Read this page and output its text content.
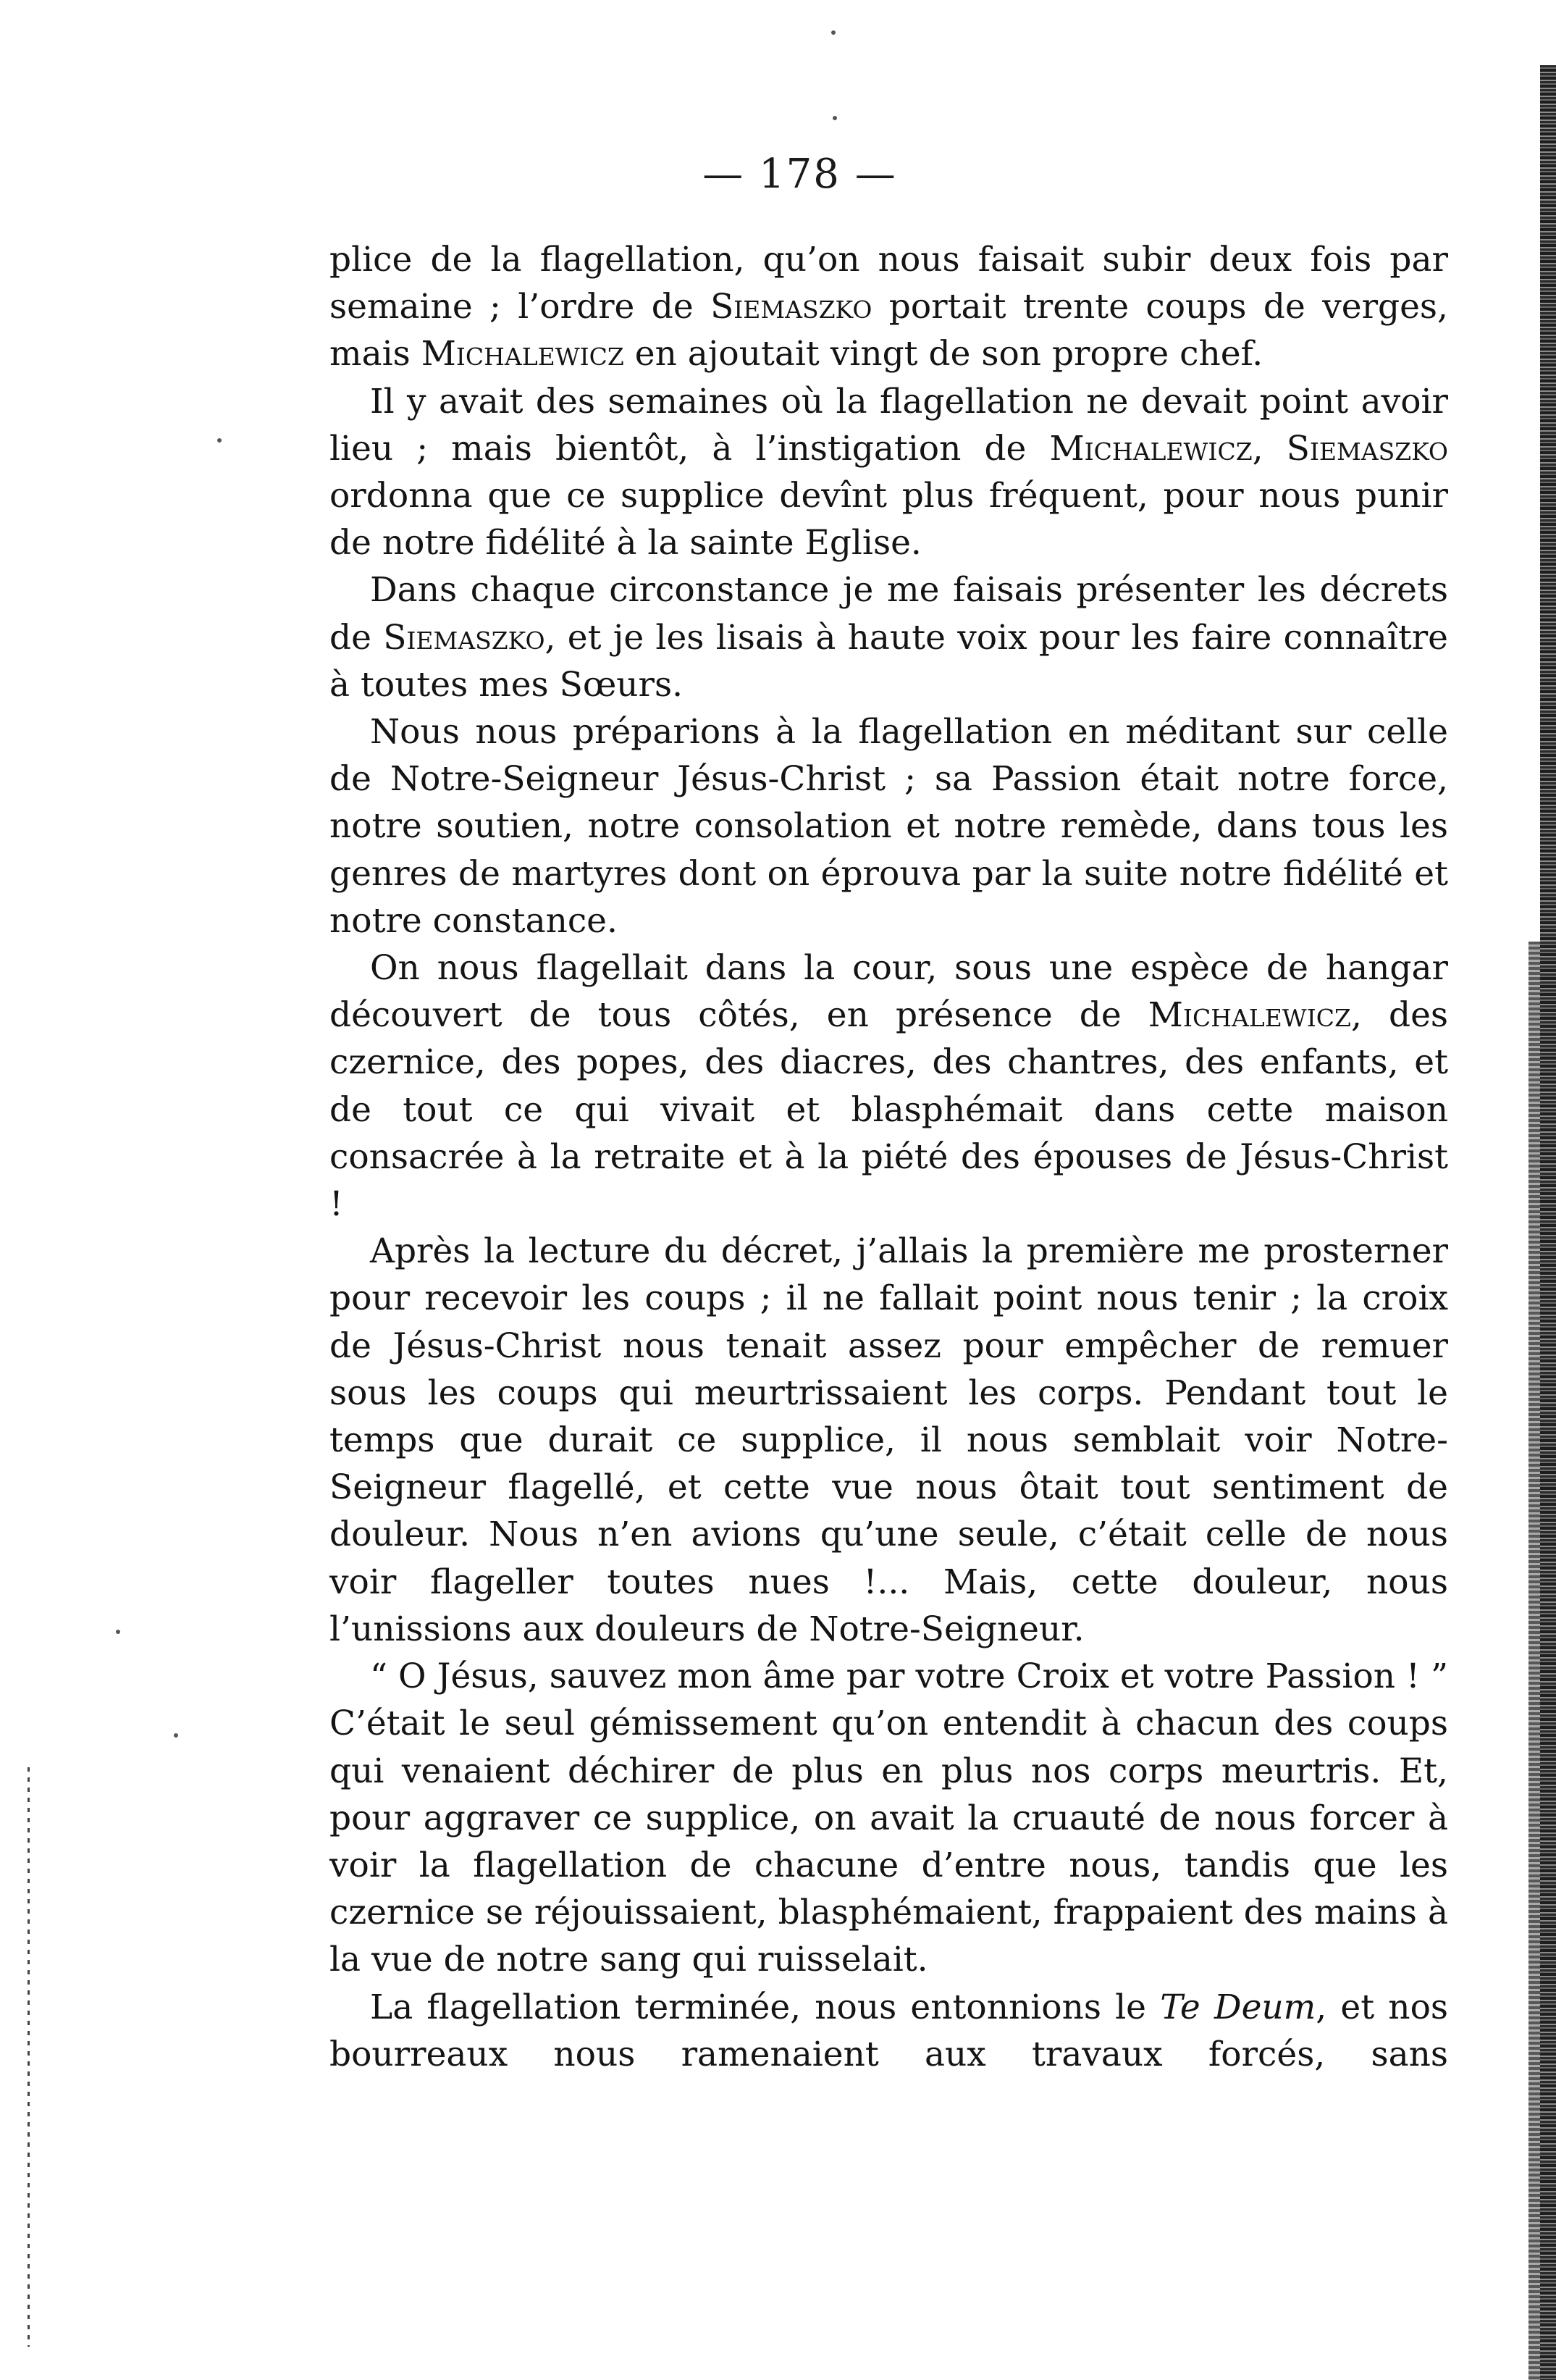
— 178 —

plice de la flagellation, qu’on nous faisait subir deux fois par semaine ; l’ordre de Siemaszko portait trente coups de verges, mais Michalewicz en ajoutait vingt de son propre chef.

Il y avait des semaines où la flagellation ne devait point avoir lieu ; mais bientôt, à l’instigation de Michalewicz, Siemaszko ordonna que ce supplice devînt plus fréquent, pour nous punir de notre fidélité à la sainte Eglise.

Dans chaque circonstance je me faisais présenter les décrets de Siemaszko, et je les lisais à haute voix pour les faire connaître à toutes mes Sœurs.

Nous nous préparions à la flagellation en méditant sur celle de Notre-Seigneur Jésus-Christ ; sa Passion était notre force, notre soutien, notre consolation et notre remède, dans tous les genres de martyres dont on éprouva par la suite notre fidélité et notre constance.

On nous flagellait dans la cour, sous une espèce de hangar découvert de tous côtés, en présence de Michalewicz, des czernice, des popes, des diacres, des chantres, des enfants, et de tout ce qui vivait et blasphémait dans cette maison consacrée à la retraite et à la piété des épouses de Jésus-Christ !

Après la lecture du décret, j’allais la première me prosterner pour recevoir les coups ; il ne fallait point nous tenir ; la croix de Jésus-Christ nous tenait assez pour empêcher de remuer sous les coups qui meurtrissaient les corps. Pendant tout le temps que durait ce supplice, il nous semblait voir Notre-Seigneur flagellé, et cette vue nous ôtait tout sentiment de douleur. Nous n’en avions qu’une seule, c’était celle de nous voir flageller toutes nues !... Mais, cette douleur, nous l’unissions aux douleurs de Notre-Seigneur.

“ O Jésus, sauvez mon âme par votre Croix et votre Passion ! ” C’était le seul gémissement qu’on entendit à chacun des coups qui venaient déchirer de plus en plus nos corps meurtris. Et, pour aggraver ce supplice, on avait la cruauté de nous forcer à voir la flagellation de chacune d’entre nous, tandis que les czernice se réjouissaient, blasphémaient, frappaient des mains à la vue de notre sang qui ruisselait.

La flagellation terminée, nous entonnions le Te Deum, et nos bourreaux nous ramenaient aux travaux forcés, sans
